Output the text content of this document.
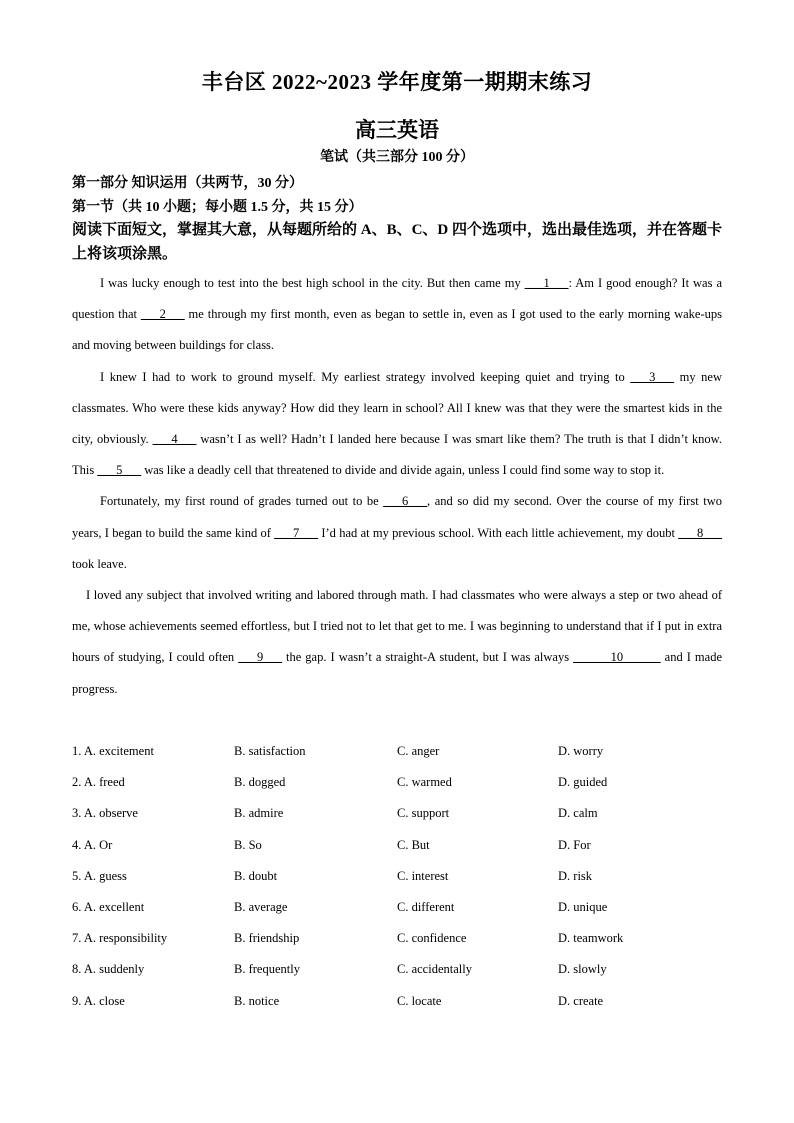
丰台区 2022~2023 学年度第一期期末练习
高三英语
笔试（共三部分 100 分）
第一部分 知识运用（共两节，30 分）
第一节（共 10 小题；每小题 1.5 分，共 15 分）
阅读下面短文，掌握其大意，从每题所给的 A、B、C、D 四个选项中，选出最佳选项，并在答题卡上将该项涂黑。

I was lucky enough to test into the best high school in the city. But then came my ___1___: Am I good enough? It was a question that ___2___ me through my first month, even as began to settle in, even as I got used to the early morning wake-ups and moving between buildings for class.

I knew I had to work to ground myself. My earliest strategy involved keeping quiet and trying to ___3___ my new classmates. Who were these kids anyway? How did they learn in school? All I knew was that they were the smartest kids in the city, obviously. ___4___ wasn’t I as well? Hadn’t I landed here because I was smart like them? The truth is that I didn’t know. This ___5___ was like a deadly cell that threatened to divide and divide again, unless I could find some way to stop it.

Fortunately, my first round of grades turned out to be ___6___, and so did my second. Over the course of my first two years, I began to build the same kind of ___7___ I’d had at my previous school. With each little achievement, my doubt ___8___ took leave.

I loved any subject that involved writing and labored through math. I had classmates who were always a step or two ahead of me, whose achievements seemed effortless, but I tried not to let that get to me. I was beginning to understand that if I put in extra hours of studying, I could often ___9___ the gap. I wasn’t a straight-A student, but I was always ______10______ and I made progress.

1. A. excitement	B. satisfaction	C. anger	D. worry
2. A. freed	B. dogged	C. warmed	D. guided
3. A. observe	B. admire	C. support	D. calm
4. A. Or	B. So	C. But	D. For
5. A. guess	B. doubt	C. interest	D. risk
6. A. excellent	B. average	C. different	D. unique
7. A. responsibility	B. friendship	C. confidence	D. teamwork
8. A. suddenly	B. frequently	C. accidentally	D. slowly
9. A. close	B. notice	C. locate	D. create
